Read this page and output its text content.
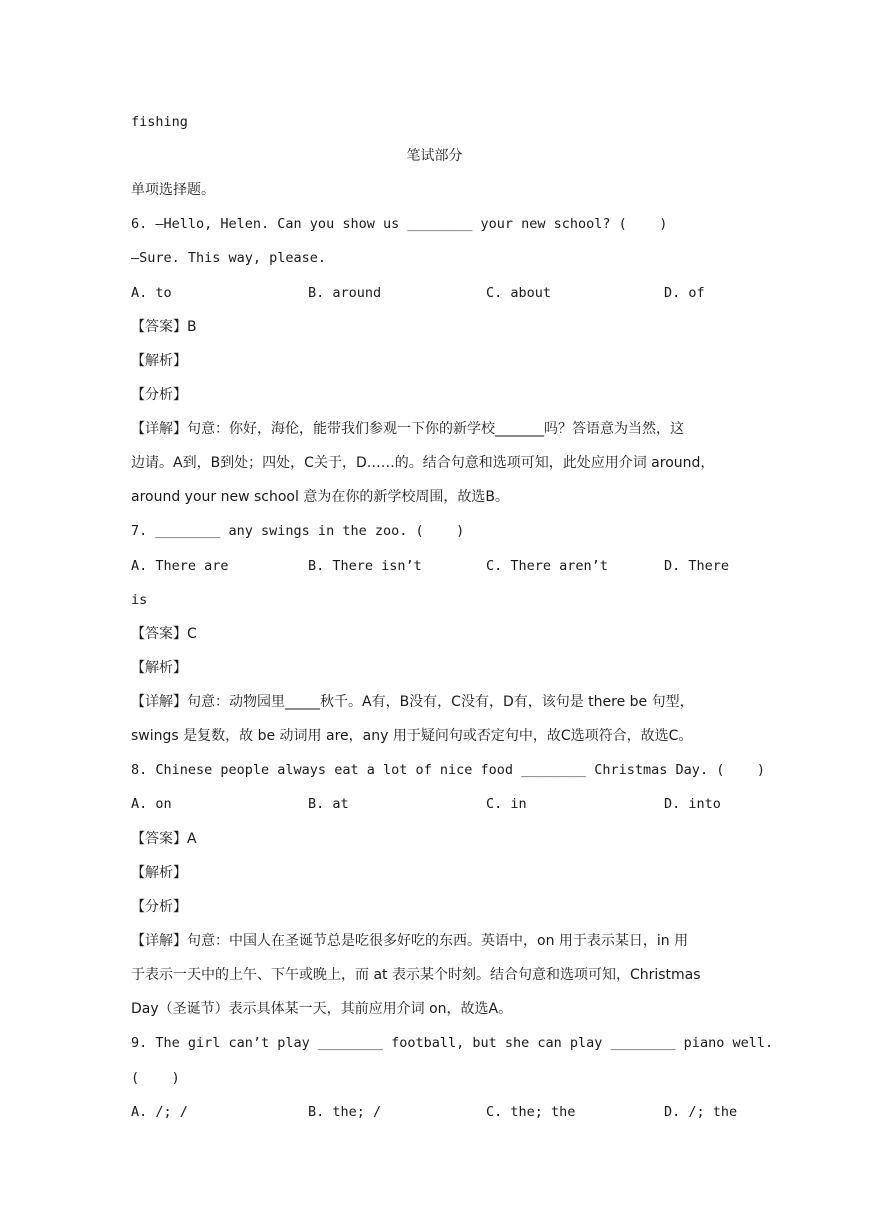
fishing
笔试部分
单项选择题。
6. —Hello, Helen. Can you show us ________ your new school? (    )
—Sure. This way, please.
A. to	B. around	C. about	D. of
【答案】B
【解析】
【分析】
【详解】句意：你好，海伦，能带我们参观一下你的新学校_______吗？答语意为当然，这
边请。A到，B到处；四处，C关于，D……的。结合句意和选项可知，此处应用介词 around，
around your new school 意为在你的新学校周围，故选B。
7. ________ any swings in the zoo. (    )
A. There are	B. There isn’t	C. There aren’t	D. There
is
【答案】C
【解析】
【详解】句意：动物园里_____秋千。A有，B没有，C没有，D有，该句是 there be 句型，
swings 是复数，故 be 动词用 are，any 用于疑问句或否定句中，故C选项符合，故选C。
8. Chinese people always eat a lot of nice food ________ Christmas Day. (    )
A. on	B. at	C. in	D. into
【答案】A
【解析】
【分析】
【详解】句意：中国人在圣诞节总是吃很多好吃的东西。英语中，on 用于表示某日，in 用
于表示一天中的上午、下午或晚上，而 at 表示某个时刻。结合句意和选项可知，Christmas
Day（圣诞节）表示具体某一天，其前应用介词 on，故选A。
9. The girl can’t play ________ football, but she can play ________ piano well.
(    )
A. /; /	B. the; /	C. the; the	D. /; the
